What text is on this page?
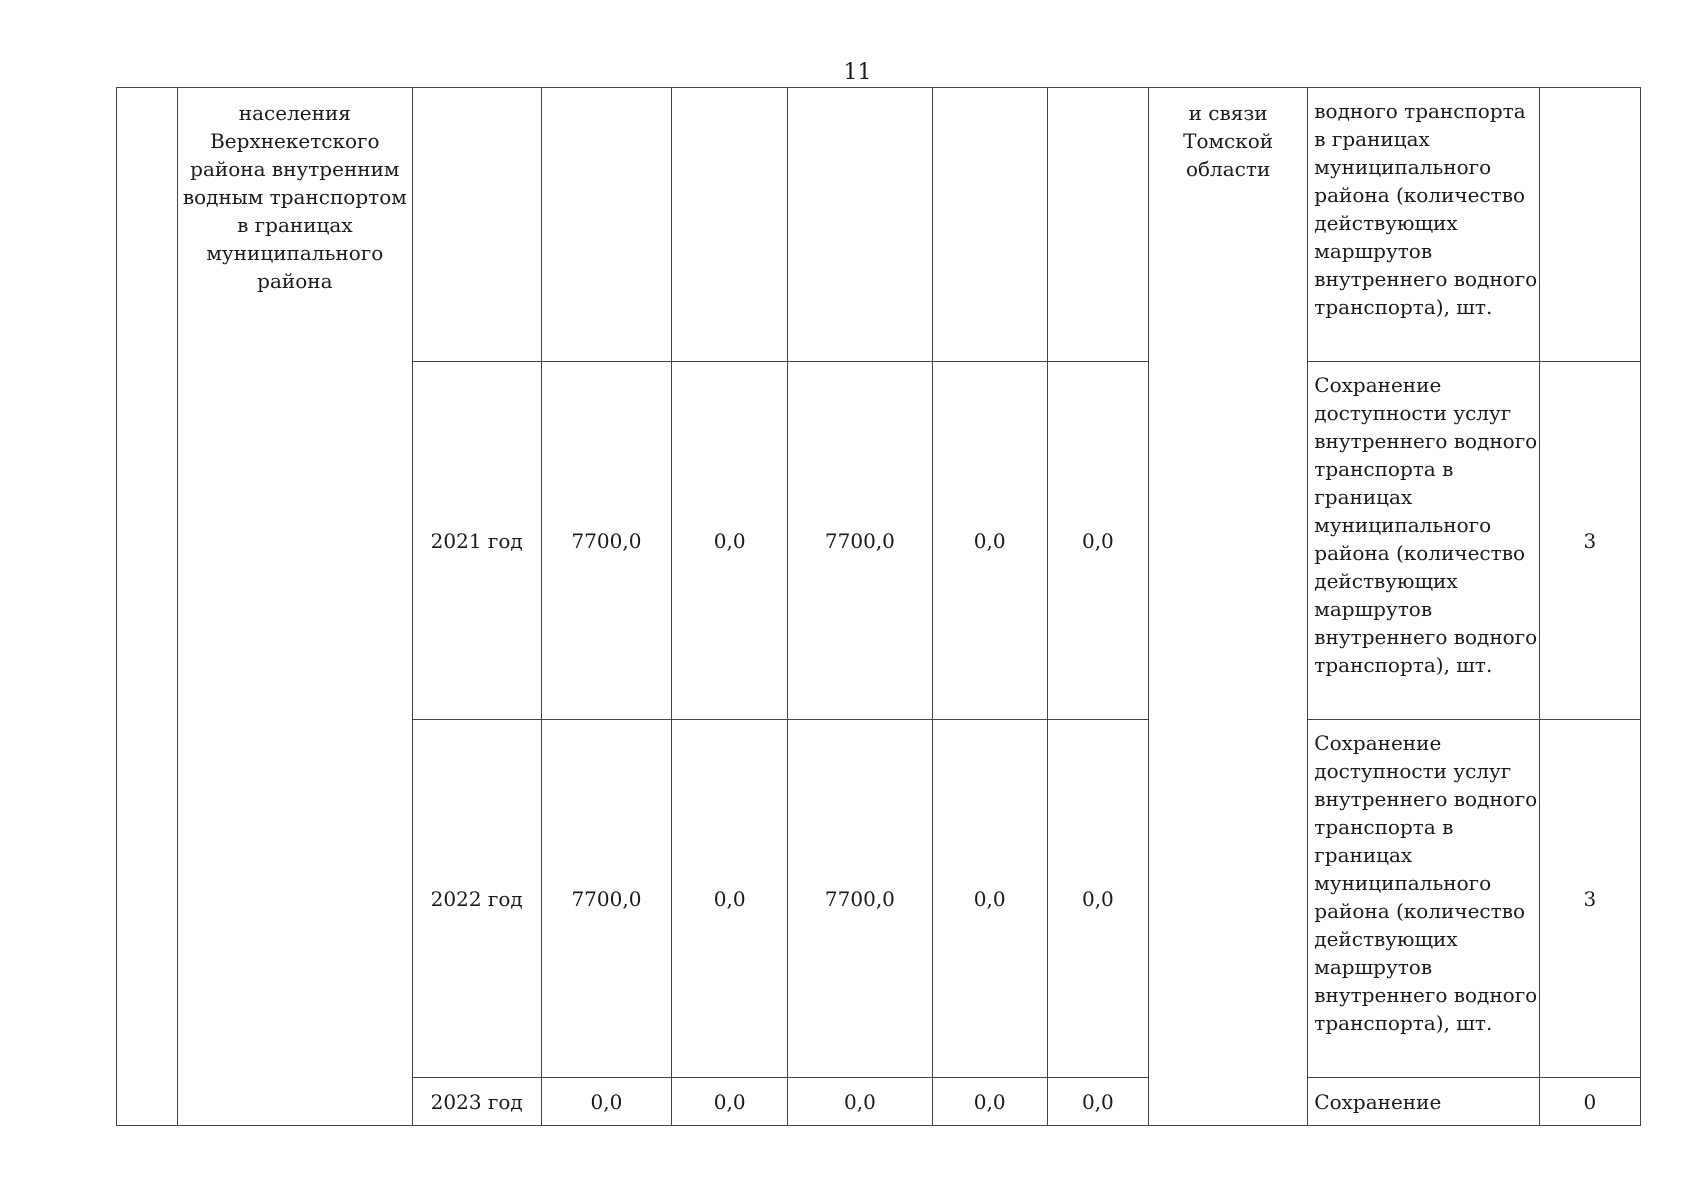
11
	населения Верхнекетского района внутренним водным транспортом в границах муниципального района							и связи Томской области	водного транспорта в границах муниципального района (количество действующих маршрутов внутреннего водного транспорта), шт.	
		2021 год	7700,0	0,0	7700,0	0,0	0,0		Сохранение доступности услуг внутреннего водного транспорта в границах муниципального района (количество действующих маршрутов внутреннего водного транспорта), шт.	3
		2022 год	7700,0	0,0	7700,0	0,0	0,0		Сохранение доступности услуг внутреннего водного транспорта в границах муниципального района (количество действующих маршрутов внутреннего водного транспорта), шт.	3
		2023 год	0,0	0,0	0,0	0,0	0,0		Сохранение	0
